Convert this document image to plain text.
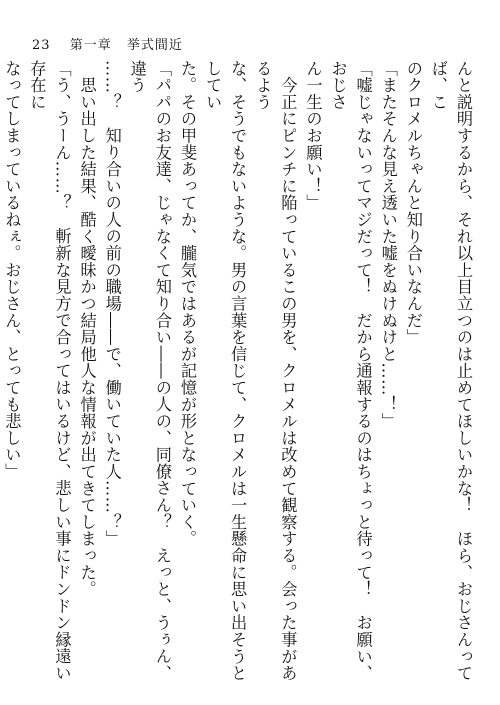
23 第一章 挙式間近

んと説明するから、それ以上目立つのは止めてほしいかな！　ほら、おじさんってば、こ

のクロメルちゃんと知り合いなんだ」

「またそんな見え透いた嘘をぬけぬけと……！」

「嘘じゃないってマジだって！　だから通報するのはちょっと待って！　お願い、おじさ

ん一生のお願い！」

　今正にピンチに陥っているこの男を、クロメルは改めて観察する。会った事があるよう

な、そうでもないような。男の言葉を信じて、クロメルは一生懸命に思い出そうとしてい

た。その甲斐あってか、朧気ではあるが記憶が形となっていく。

「パパのお友達、じゃなくて知り合い――の人の、同僚さん？　えっと、うぅん、違う

……？　知り合いの人の前の職場――で、働いていた人……？」

　思い出した結果、酷く曖昧かつ結局他人な情報が出てきてしまった。

「う、うーん……？　斬新な見方で合ってはいるけど、悲しい事にドンドン縁遠い存在に

なってしまっているねぇ。おじさん、とっても悲しい」
